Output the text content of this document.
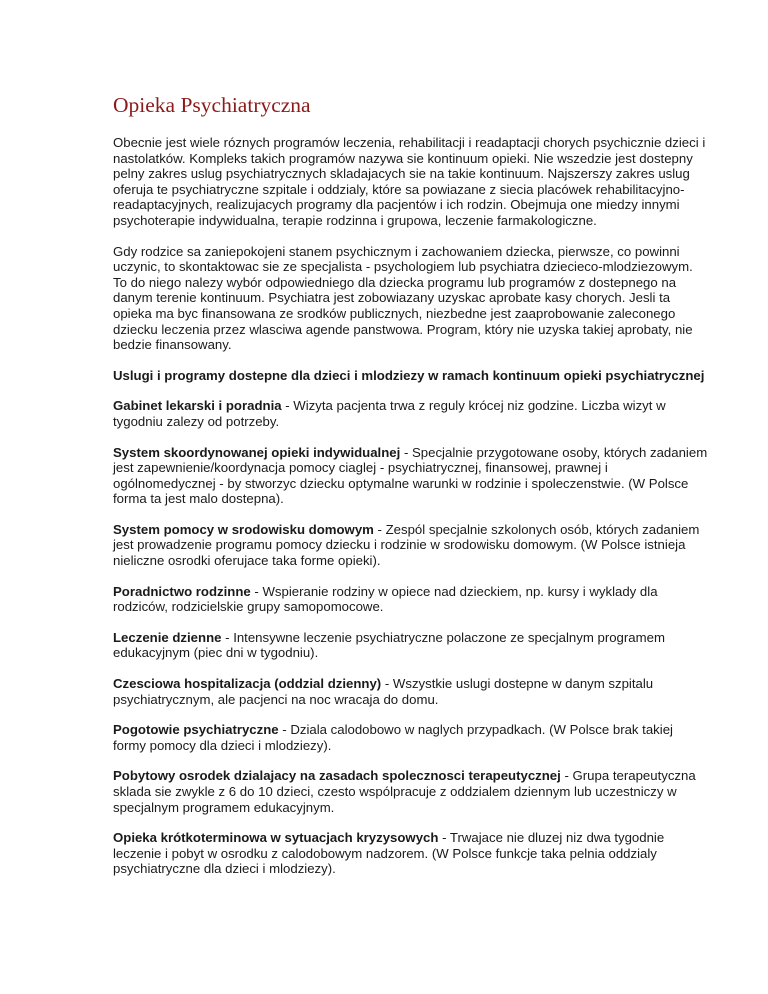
Opieka Psychiatryczna

Obecnie jest wiele róznych programów leczenia, rehabilitacji i readaptacji chorych psychicznie dzieci i nastolatków. Kompleks takich programów nazywa sie kontinuum opieki. Nie wszedzie jest dostepny pelny zakres uslug psychiatrycznych skladajacych sie na takie kontinuum. Najszerszy zakres uslug oferuja te psychiatryczne szpitale i oddzialy, które sa powiazane z siecia placówek rehabilitacyjno-readaptacyjnych, realizujacych programy dla pacjentów i ich rodzin. Obejmuja one miedzy innymi psychoterapie indywidualna, terapie rodzinna i grupowa, leczenie farmakologiczne.

Gdy rodzice sa zaniepokojeni stanem psychicznym i zachowaniem dziecka, pierwsze, co powinni uczynic, to skontaktowac sie ze specjalista - psychologiem lub psychiatra dziecieco-mlodziezowym. To do niego nalezy wybór odpowiedniego dla dziecka programu lub programów z dostepnego na danym terenie kontinuum. Psychiatra jest zobowiazany uzyskac aprobate kasy chorych. Jesli ta opieka ma byc finansowana ze srodków publicznych, niezbedne jest zaaprobowanie zaleconego dziecku leczenia przez wlasciwa agende panstwowa. Program, który nie uzyska takiej aprobaty, nie bedzie finansowany.

Uslugi i programy dostepne dla dzieci i mlodziezy w ramach kontinuum opieki psychiatrycznej

Gabinet lekarski i poradnia - Wizyta pacjenta trwa z reguly krócej niz godzine. Liczba wizyt w tygodniu zalezy od potrzeby.

System skoordynowanej opieki indywidualnej - Specjalnie przygotowane osoby, których zadaniem jest zapewnienie/koordynacja pomocy ciaglej - psychiatrycznej, finansowej, prawnej i ogólnomedycznej - by stworzyc dziecku optymalne warunki w rodzinie i spoleczenstwie. (W Polsce forma ta jest malo dostepna).

System pomocy w srodowisku domowym - Zespól specjalnie szkolonych osób, których zadaniem jest prowadzenie programu pomocy dziecku i rodzinie w srodowisku domowym. (W Polsce istnieja nieliczne osrodki oferujace taka forme opieki).

Poradnictwo rodzinne - Wspieranie rodziny w opiece nad dzieckiem, np. kursy i wyklady dla rodziców, rodzicielskie grupy samopomocowe.

Leczenie dzienne - Intensywne leczenie psychiatryczne polaczone ze specjalnym programem edukacyjnym (piec dni w tygodniu).

Czesciowa hospitalizacja (oddzial dzienny) - Wszystkie uslugi dostepne w danym szpitalu psychiatrycznym, ale pacjenci na noc wracaja do domu.

Pogotowie psychiatryczne - Dziala calodobowo w naglych przypadkach. (W Polsce brak takiej formy pomocy dla dzieci i mlodziezy).

Pobytowy osrodek dzialajacy na zasadach spolecznosci terapeutycznej - Grupa terapeutyczna sklada sie zwykle z 6 do 10 dzieci, czesto wspólpracuje z oddzialem dziennym lub uczestniczy w specjalnym programem edukacyjnym.

Opieka krótkoterminowa w sytuacjach kryzysowych - Trwajace nie dluzej niz dwa tygodnie leczenie i pobyt w osrodku z calodobowym nadzorem. (W Polsce funkcje taka pelnia oddzialy psychiatryczne dla dzieci i mlodziezy).
